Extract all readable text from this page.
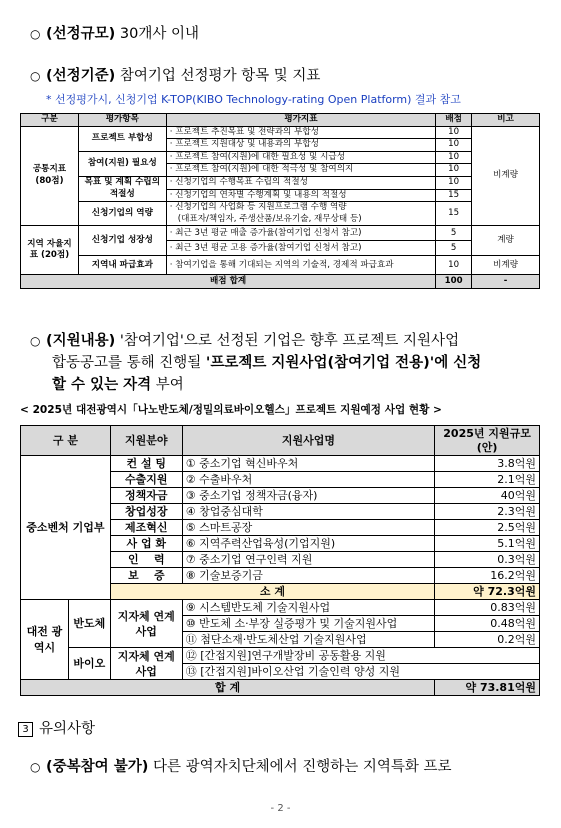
○ (선정규모) 30개사 이내
○ (선정기준) 참여기업 선정평가 항목 및 지표
* 선정평가시, 신청기업 K-TOP(KIBO Technology-rating Open Platform) 결과 참고
구분	평가항목	평가지표	배점	비고
공통지표 (80점)	프로젝트 부합성	· 프로젝트 추진목표 및 전략과의 부합성	10	비계량
		· 프로젝트 지원대상 및 내용과의 부합성	10	
	참여(지원) 필요성	· 프로젝트 참여(지원)에 대한 필요성 및 시급성	10	
		· 프로젝트 참여(지원)에 대한 적극성 및 참여의지	10	
	목표 및 계획 수립의 적절성	· 신청기업의 수행목표 수립의 적절성	10	
		· 신청기업의 연차별 수행계획 및 내용의 적절성	15	
	신청기업의 역량	· 신청기업의 사업화 등 지원프로그램 수행 역량
(대표자/책임자, 주생산품/보유기술, 재무상태 등)	15	
지역 자율지표 (20점)	신청기업 성장성	· 최근 3년 평균 매출 증가율(참여기업 신청서 참고)	5	계량
		· 최근 3년 평균 고용 증가율(참여기업 신청서 참고)	5	
	지역내 파급효과	· 참여기업을 통해 기대되는 지역의 기술적, 경제적 파급효과	10	비계량
배점 합계			100	-
○ (지원내용) '참여기업'으로 선정된 기업은 향후 프로젝트 지원사업
합동공고를 통해 진행될 '프로젝트 지원사업(참여기업 전용)'에 신청
할 수 있는 자격 부여
< 2025년 대전광역시「나노반도체/정밀의료바이오헬스」프로젝트 지원예정 사업 현황 >
구 분		지원분야	지원사업명	2025년 지원규모(안)
중소벤처 기업부		컨 설 팅	① 중소기업 혁신바우처	3.8억원
		수출지원	② 수출바우처	2.1억원
		정책자금	③ 중소기업 정책자금(융자)	40억원
		창업성장	④ 창업중심대학	2.3억원
		제조혁신	⑤ 스마트공장	2.5억원
		사 업 화	⑥ 지역주력산업육성(기업지원)	5.1억원
		인    력	⑦ 중소기업 연구인력 지원	0.3억원
		보    증	⑧ 기술보증기금	16.2억원
		소 계		약 72.3억원
대전 광역시	반도체	지자체 연계사업	⑨ 시스템반도체 기술지원사업	0.83억원
			⑩ 반도체 소·부장 실증평가 및 기술지원사업	0.48억원
			⑪ 첨단소재·반도체산업 기술지원사업	0.2억원
	바이오	지자체 연계사업	⑫ [간접지원]연구개발장비 공동활용 지원	
			⑬ [간접지원]바이오산업 기술인력 양성 지원	
합 계				약 73.81억원
3 유의사항
○ (중복참여 불가) 다른 광역자치단체에서 진행하는 지역특화 프로
- 2 -
